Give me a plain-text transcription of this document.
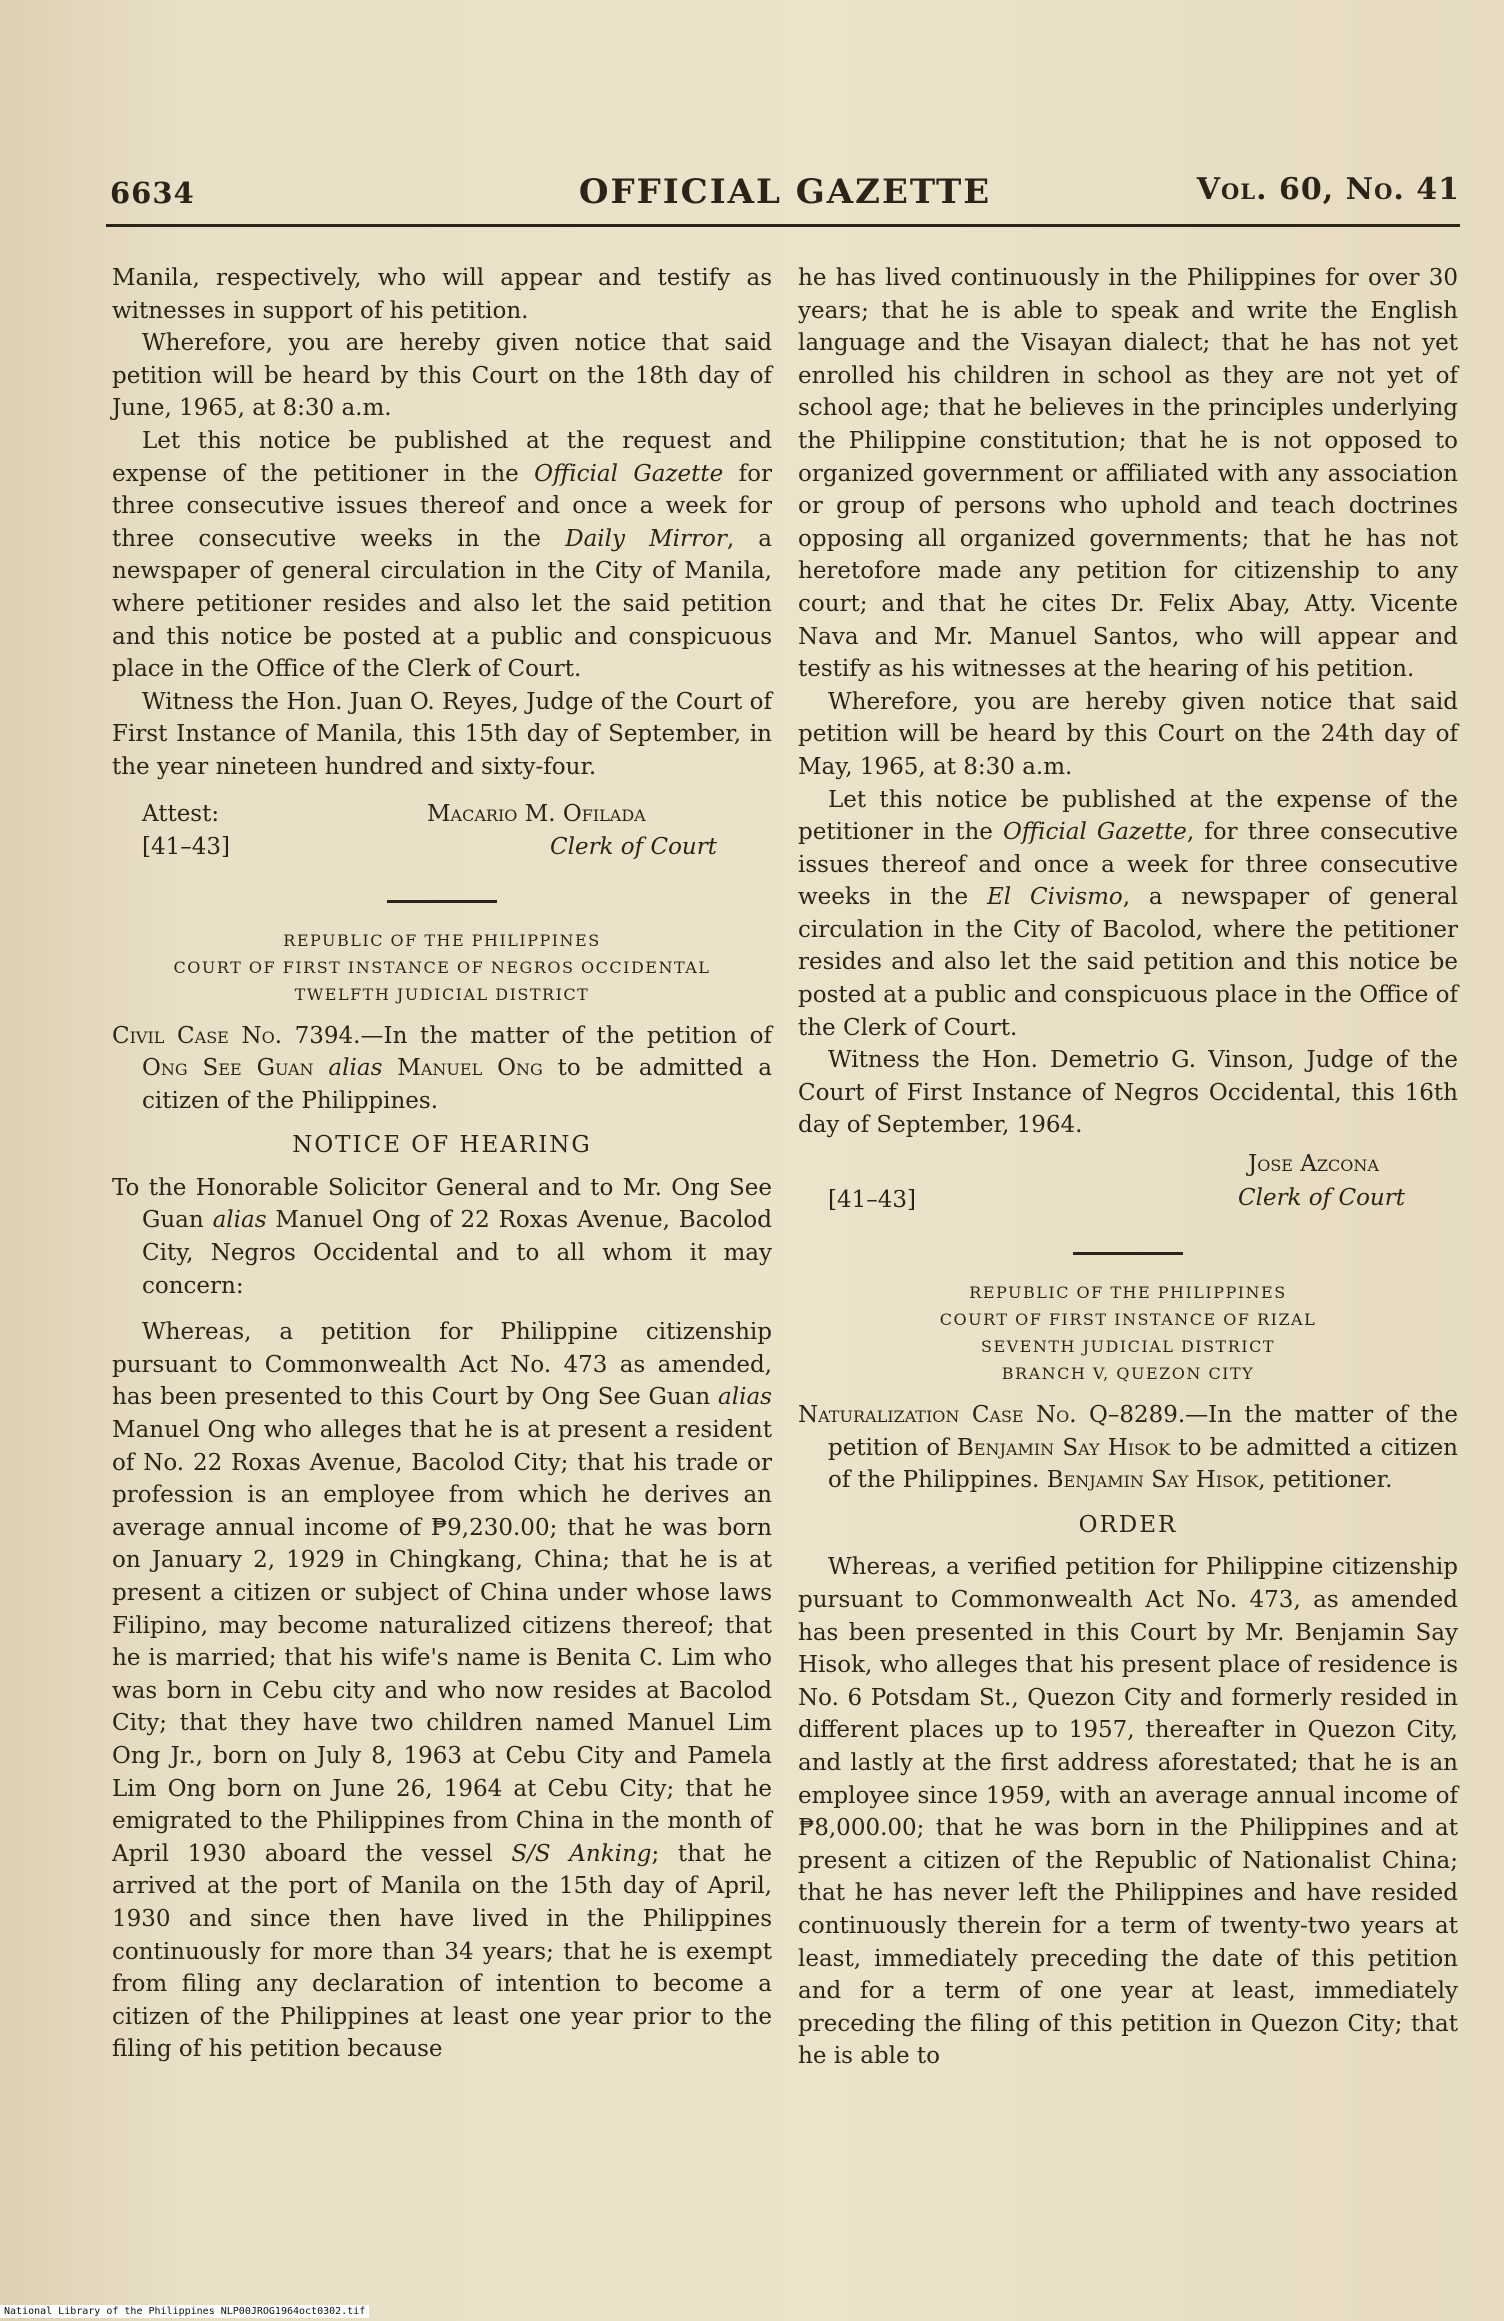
6634	OFFICIAL GAZETTE	Vol. 60, No. 41

Manila, respectively, who will appear and testify as witnesses in support of his petition.

Wherefore, you are hereby given notice that said petition will be heard by this Court on the 18th day of June, 1965, at 8:30 a.m.

Let this notice be published at the request and expense of the petitioner in the Official Gazette for three consecutive issues thereof and once a week for three consecutive weeks in the Daily Mirror, a newspaper of general circulation in the City of Manila, where petitioner resides and also let the said petition and this notice be posted at a public and conspicuous place in the Office of the Clerk of Court.

Witness the Hon. Juan O. Reyes, Judge of the Court of First Instance of Manila, this 15th day of September, in the year nineteen hundred and sixty-four.

Attest:
[41–43]
Macario M. Ofilada
Clerk of Court
REPUBLIC OF THE PHILIPPINES
COURT OF FIRST INSTANCE OF NEGROS OCCIDENTAL
TWELFTH JUDICIAL DISTRICT

Civil Case No. 7394.—In the matter of the petition of Ong See Guan alias Manuel Ong to be admitted a citizen of the Philippines.

NOTICE OF HEARING

To the Honorable Solicitor General and to Mr. Ong See Guan alias Manuel Ong of 22 Roxas Avenue, Bacolod City, Negros Occidental and to all whom it may concern:

Whereas, a petition for Philippine citizenship pursuant to Commonwealth Act No. 473 as amended, has been presented to this Court by Ong See Guan alias Manuel Ong who alleges that he is at present a resident of No. 22 Roxas Avenue, Bacolod City; that his trade or profession is an employee from which he derives an average annual income of ₱9,230.00; that he was born on January 2, 1929 in Chingkang, China; that he is at present a citizen or subject of China under whose laws Filipino, may become naturalized citizens thereof; that he is married; that his wife's name is Benita C. Lim who was born in Cebu city and who now resides at Bacolod City; that they have two children named Manuel Lim Ong Jr., born on July 8, 1963 at Cebu City and Pamela Lim Ong born on June 26, 1964 at Cebu City; that he emigrated to the Philippines from China in the month of April 1930 aboard the vessel S/S Anking; that he arrived at the port of Manila on the 15th day of April, 1930 and since then have lived in the Philippines continuously for more than 34 years; that he is exempt from filing any declaration of intention to become a citizen of the Philippines at least one year prior to the filing of his petition because

he has lived continuously in the Philippines for over 30 years; that he is able to speak and write the English language and the Visayan dialect; that he has not yet enrolled his children in school as they are not yet of school age; that he believes in the principles underlying the Philippine constitution; that he is not opposed to organized government or affiliated with any association or group of persons who uphold and teach doctrines opposing all organized governments; that he has not heretofore made any petition for citizenship to any court; and that he cites Dr. Felix Abay, Atty. Vicente Nava and Mr. Manuel Santos, who will appear and testify as his witnesses at the hearing of his petition.

Wherefore, you are hereby given notice that said petition will be heard by this Court on the 24th day of May, 1965, at 8:30 a.m.

Let this notice be published at the expense of the petitioner in the Official Gazette, for three consecutive issues thereof and once a week for three consecutive weeks in the El Civismo, a newspaper of general circulation in the City of Bacolod, where the petitioner resides and also let the said petition and this notice be posted at a public and conspicuous place in the Office of the Clerk of Court.

Witness the Hon. Demetrio G. Vinson, Judge of the Court of First Instance of Negros Occidental, this 16th day of September, 1964.

Jose Azcona
[41–43]	Clerk of Court
REPUBLIC OF THE PHILIPPINES
COURT OF FIRST INSTANCE OF RIZAL
SEVENTH JUDICIAL DISTRICT
BRANCH V, QUEZON CITY

Naturalization Case No. Q–8289.—In the matter of the petition of Benjamin Say Hisok to be admitted a citizen of the Philippines. Benjamin Say Hisok, petitioner.

ORDER

Whereas, a verified petition for Philippine citizenship pursuant to Commonwealth Act No. 473, as amended has been presented in this Court by Mr. Benjamin Say Hisok, who alleges that his present place of residence is No. 6 Potsdam St., Quezon City and formerly resided in different places up to 1957, thereafter in Quezon City, and lastly at the first address aforestated; that he is an employee since 1959, with an average annual income of ₱8,000.00; that he was born in the Philippines and at present a citizen of the Republic of Nationalist China; that he has never left the Philippines and have resided continuously therein for a term of twenty-two years at least, immediately preceding the date of this petition and for a term of one year at least, immediately preceding the filing of this petition in Quezon City; that he is able to

National Library of the Philippines NLP00JROG1964oct0302.tif
